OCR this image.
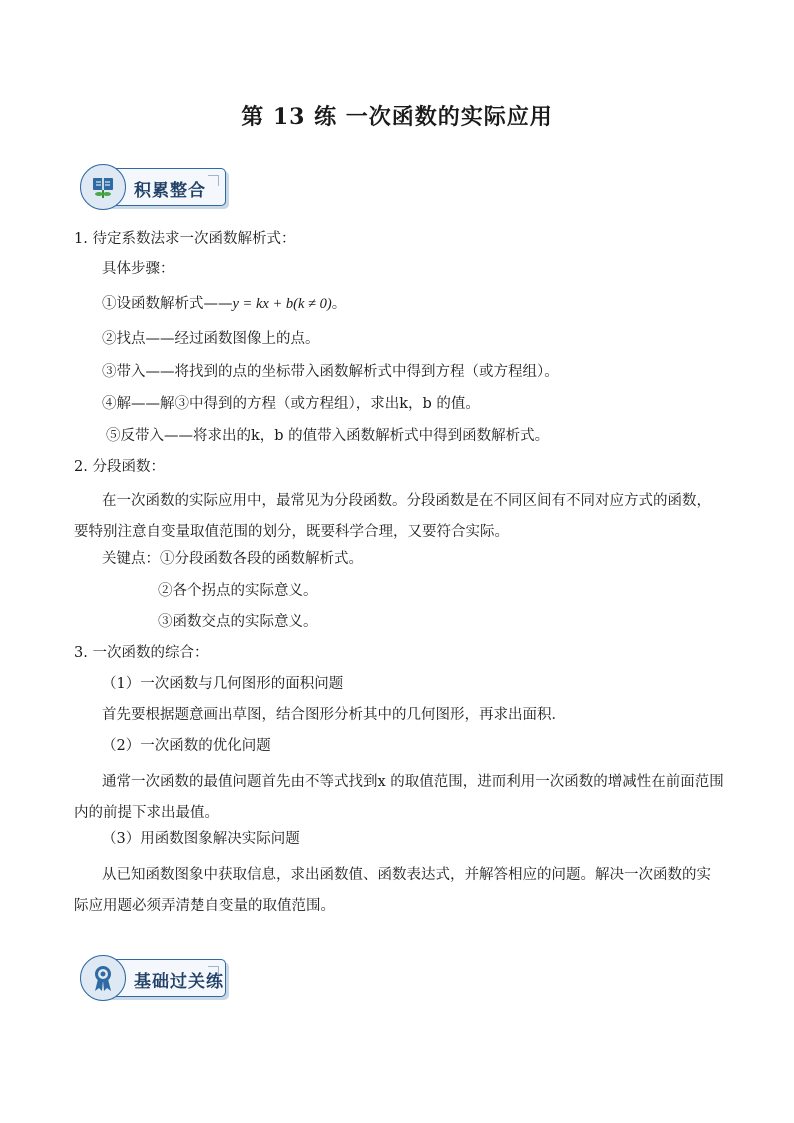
第 13 练 一次函数的实际应用
积累整合
1. 待定系数法求一次函数解析式：
具体步骤：
①设函数解析式——y = kx + b(k ≠ 0)。
②找点——经过函数图像上的点。
③带入——将找到的点的坐标带入函数解析式中得到方程（或方程组）。
④解——解③中得到的方程（或方程组），求出k，b 的值。
⑤反带入——将求出的k，b 的值带入函数解析式中得到函数解析式。
2. 分段函数：
在一次函数的实际应用中，最常见为分段函数。分段函数是在不同区间有不同对应方式的函数，要特别注意自变量取值范围的划分，既要科学合理，又要符合实际。
关键点：①分段函数各段的函数解析式。
②各个拐点的实际意义。
③函数交点的实际意义。
3. 一次函数的综合：
（1）一次函数与几何图形的面积问题
首先要根据题意画出草图，结合图形分析其中的几何图形，再求出面积．
（2）一次函数的优化问题
通常一次函数的最值问题首先由不等式找到x 的取值范围，进而利用一次函数的增减性在前面范围内的前提下求出最值。
（3）用函数图象解决实际问题
从已知函数图象中获取信息，求出函数值、函数表达式，并解答相应的问题。解决一次函数的实际应用题必须弄清楚自变量的取值范围。
基础过关练
